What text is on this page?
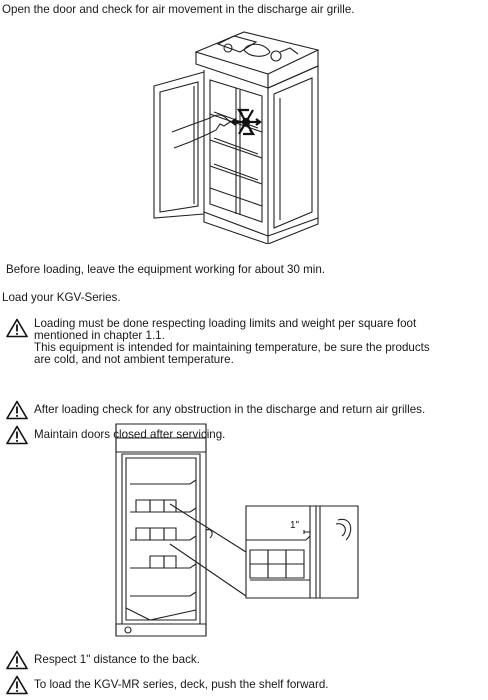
Open the door and check for air movement in the discharge air grille.
Before loading, leave the equipment working for about 30 min.
Load your KGV-Series.
Loading must be done respecting loading limits and weight per square foot
mentioned in chapter 1.1.
This equipment is intended for maintaining temperature, be sure the products
are cold, and not ambient temperature.
After loading check for any obstruction in the discharge and return air grilles.
Maintain doors closed after servicing.
1"
Respect 1" distance to the back.
To load the KGV-MR series, deck, push the shelf forward.
